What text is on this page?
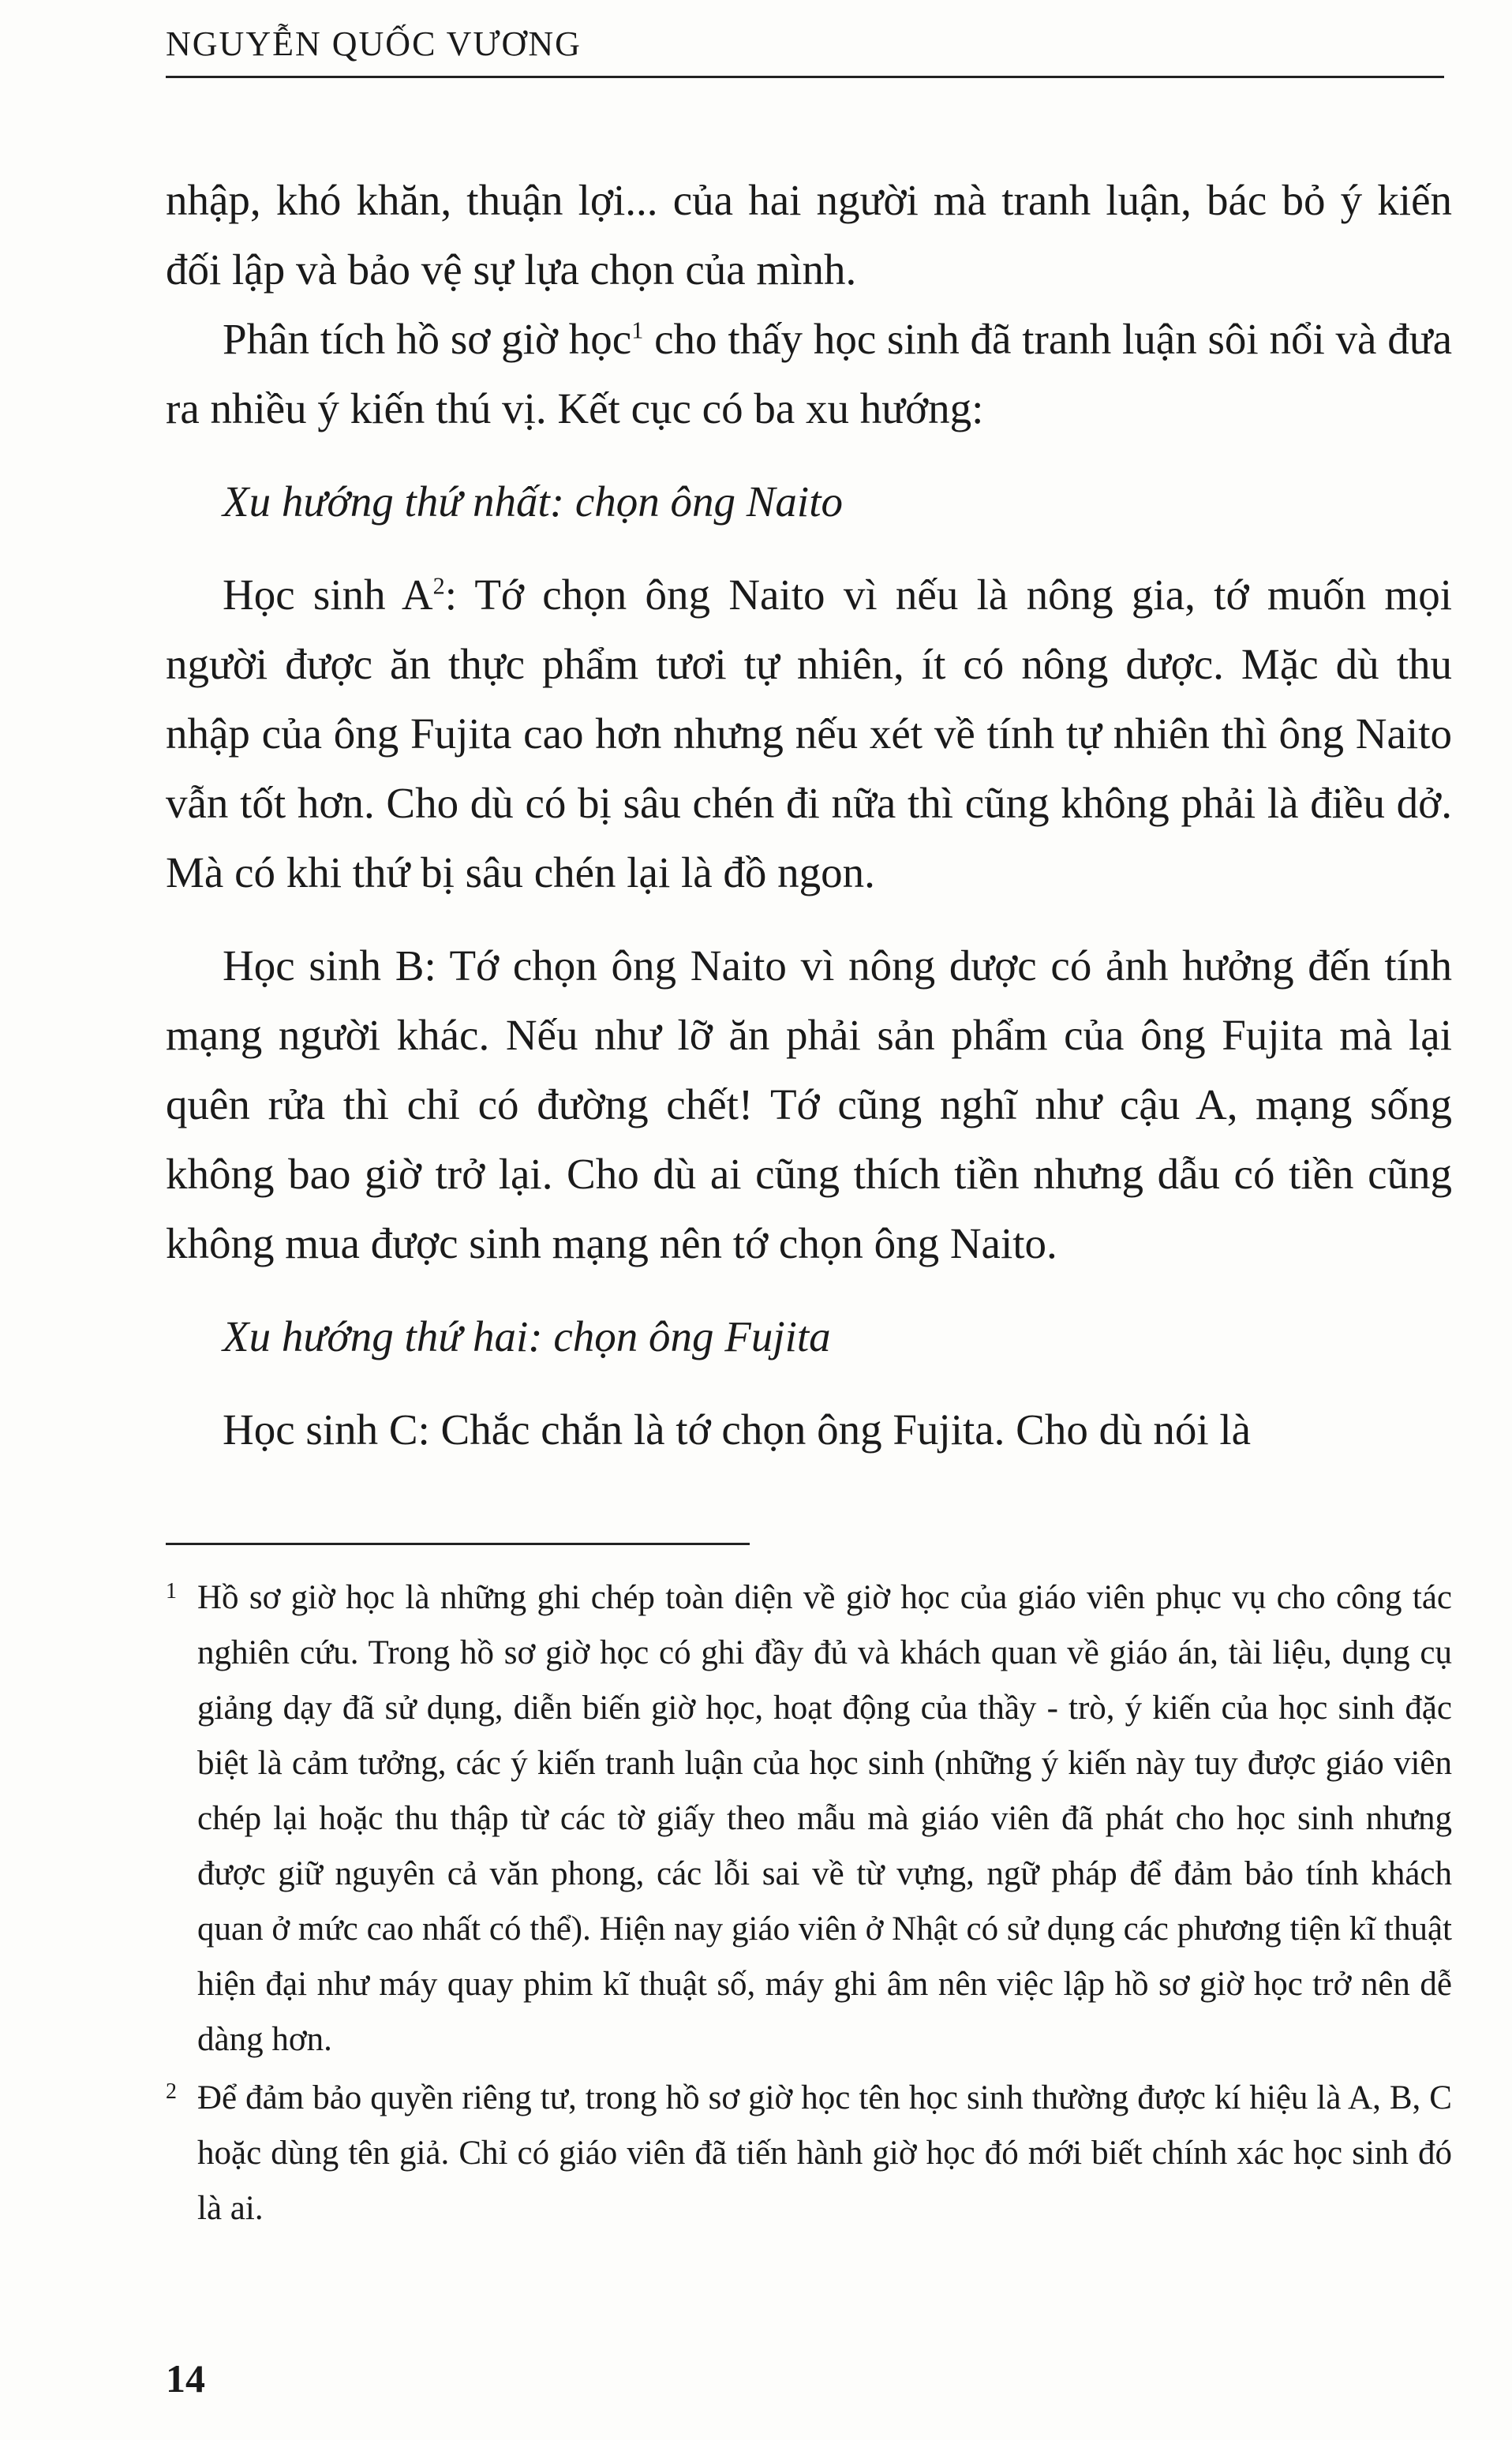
NGUYỄN QUỐC VƯƠNG

nhập, khó khăn, thuận lợi... của hai người mà tranh luận, bác bỏ ý kiến đối lập và bảo vệ sự lựa chọn của mình.

Phân tích hồ sơ giờ học$^1$ cho thấy học sinh đã tranh luận sôi nổi và đưa ra nhiều ý kiến thú vị. Kết cục có ba xu hướng:

Xu hướng thứ nhất: chọn ông Naito

Học $\sinh A^2$: Tớ chọn ông Naito vì nếu là nông gia, tớ muốn mọi người được ăn thực phẩm tươi tự nhiên, ít có nông dược. Mặc dù thu nhập của ông Fujita cao hơn nhưng nếu xét về tính tự nhiên thì ông Naito vẫn tốt hơn. Cho dù có bị sâu chén đi nữa thì cũng không phải là điều dở. Mà có khi thứ bị sâu chén lại là đồ ngon.

Học sinh B: Tớ chọn ông Naito vì nông dược có ảnh hưởng đến tính mạng người khác. Nếu như lỡ ăn phải sản phẩm của ông Fujita mà lại quên rửa thì chỉ có đường chết! Tớ cũng nghĩ như cậu A, mạng sống không bao giờ trở lại. Cho dù ai cũng thích tiền nhưng dẫu có tiền cũng không mua được sinh mạng nên tớ chọn ông Naito.

Xu hướng thứ hai: chọn ông Fujita

Học sinh C: Chắc chắn là tớ chọn ông Fujita. Cho dù nói là

1 Hồ sơ giờ học là những ghi chép toàn diện về giờ học của giáo viên phục vụ cho công tác nghiên cứu. Trong hồ sơ giờ học có ghi đầy đủ và khách quan về giáo án, tài liệu, dụng cụ giảng dạy đã sử dụng, diễn biến giờ học, hoạt động của thầy - trò, ý kiến của học sinh đặc biệt là cảm tưởng, các ý kiến tranh luận của học sinh (những ý kiến này tuy được giáo viên chép lại hoặc thu thập từ các tờ giấy theo mẫu mà giáo viên đã phát cho học sinh nhưng được giữ nguyên cả văn phong, các lỗi sai về từ vựng, ngữ pháp để đảm bảo tính khách quan ở mức cao nhất có thể). Hiện nay giáo viên ở Nhật có sử dụng các phương tiện kĩ thuật hiện đại như máy quay phim kĩ thuật số, máy ghi âm nên việc lập hồ sơ giờ học trở nên dễ dàng hơn.

2 Để đảm bảo quyền riêng tư, trong hồ sơ giờ học tên học sinh thường được kí hiệu là A, B, C hoặc dùng tên giả. Chỉ có giáo viên đã tiến hành giờ học đó mới biết chính xác học sinh đó là ai.

14
